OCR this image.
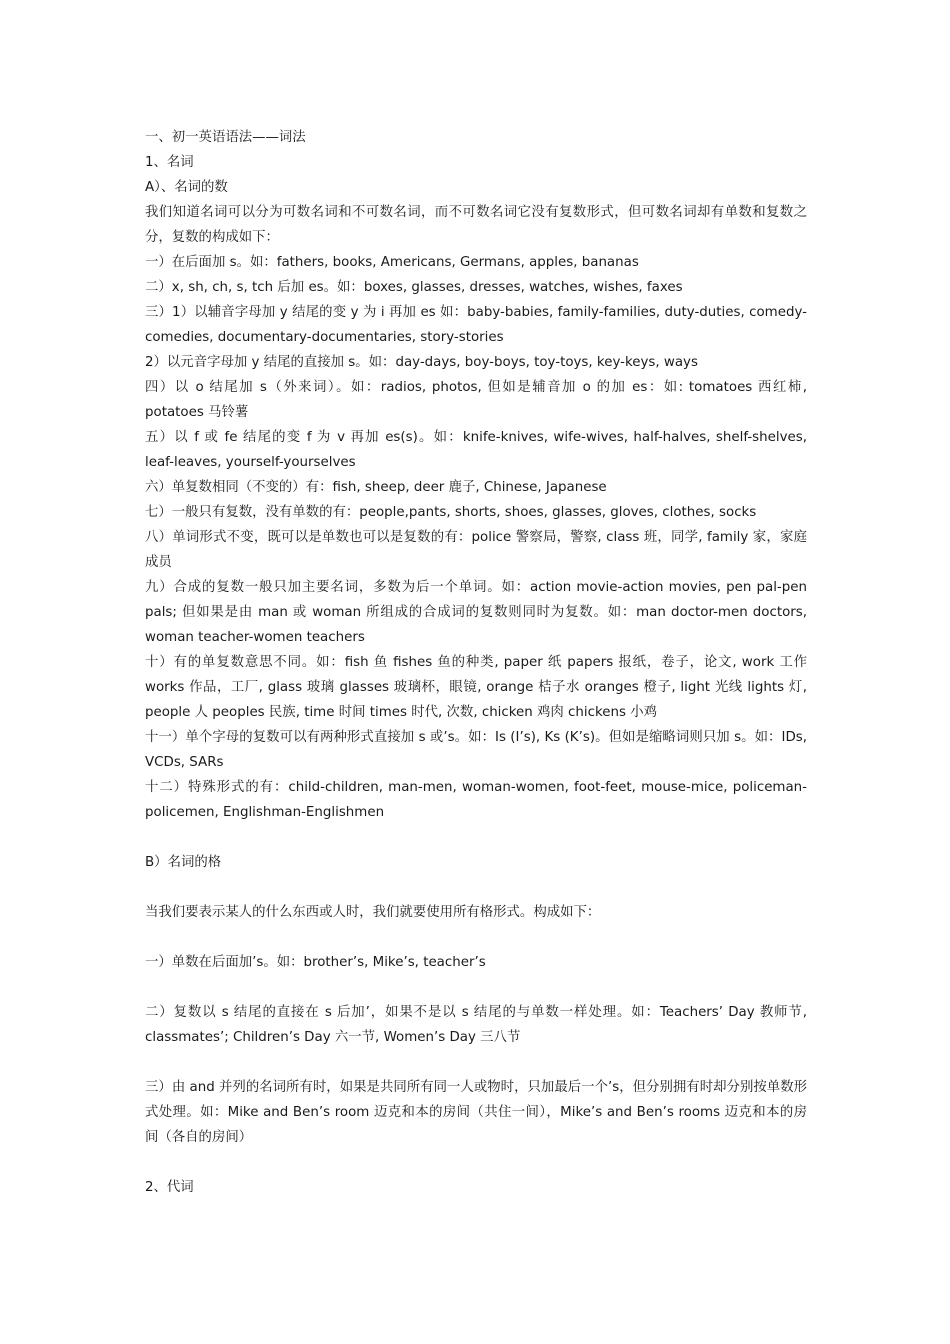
一、初一英语语法——词法
1、名词
A）、名词的数
我们知道名词可以分为可数名词和不可数名词，而不可数名词它没有复数形式，但可数名词却有单数和复数之分，复数的构成如下：
一）在后面加 s。如：fathers, books, Americans, Germans, apples, bananas
二）x, sh, ch, s, tch 后加 es。如：boxes, glasses, dresses, watches, wishes, faxes
三）1）以辅音字母加 y 结尾的变 y 为 i 再加 es 如：baby-babies, family-families, duty-duties, comedy-comedies, documentary-documentaries, story-stories
2）以元音字母加 y 结尾的直接加 s。如：day-days, boy-boys, toy-toys, key-keys, ways
四）以 o 结尾加 s（外来词）。如：radios, photos, 但如是辅音加 o 的加 es：如: tomatoes 西红柿, potatoes 马铃薯
五）以 f 或 fe 结尾的变 f 为 v 再加 es(s)。如：knife-knives, wife-wives, half-halves, shelf-shelves, leaf-leaves, yourself-yourselves
六）单复数相同（不变的）有：fish, sheep, deer 鹿子, Chinese, Japanese
七）一般只有复数，没有单数的有：people,pants, shorts, shoes, glasses, gloves, clothes, socks
八）单词形式不变，既可以是单数也可以是复数的有：police 警察局，警察, class 班，同学, family 家，家庭成员
九）合成的复数一般只加主要名词，多数为后一个单词。如：action movie-action movies, pen pal-pen pals; 但如果是由 man 或 woman 所组成的合成词的复数则同时为复数。如：man doctor-men doctors, woman teacher-women teachers
十）有的单复数意思不同。如：fish 鱼 fishes 鱼的种类, paper 纸 papers 报纸，卷子，论文, work 工作 works 作品，工厂, glass 玻璃 glasses 玻璃杯，眼镜, orange 桔子水 oranges 橙子, light 光线 lights 灯, people 人 peoples 民族, time 时间 times 时代, 次数, chicken 鸡肉 chickens 小鸡
十一）单个字母的复数可以有两种形式直接加 s 或’s。如：Is (I’s), Ks (K’s)。但如是缩略词则只加 s。如：IDs, VCDs, SARs
十二）特殊形式的有：child-children, man-men, woman-women, foot-feet, mouse-mice, policeman-policemen, Englishman-Englishmen
B）名词的格
当我们要表示某人的什么东西或人时，我们就要使用所有格形式。构成如下：
一）单数在后面加’s。如：brother’s, Mike’s, teacher’s
二）复数以 s 结尾的直接在 s 后加’，如果不是以 s 结尾的与单数一样处理。如：Teachers’ Day 教师节, classmates’; Children’s Day 六一节, Women’s Day 三八节
三）由 and 并列的名词所有时，如果是共同所有同一人或物时，只加最后一个’s，但分别拥有时却分别按单数形式处理。如：Mike and Ben’s room 迈克和本的房间（共住一间），Mike’s and Ben’s rooms 迈克和本的房间（各自的房间）
2、代词
